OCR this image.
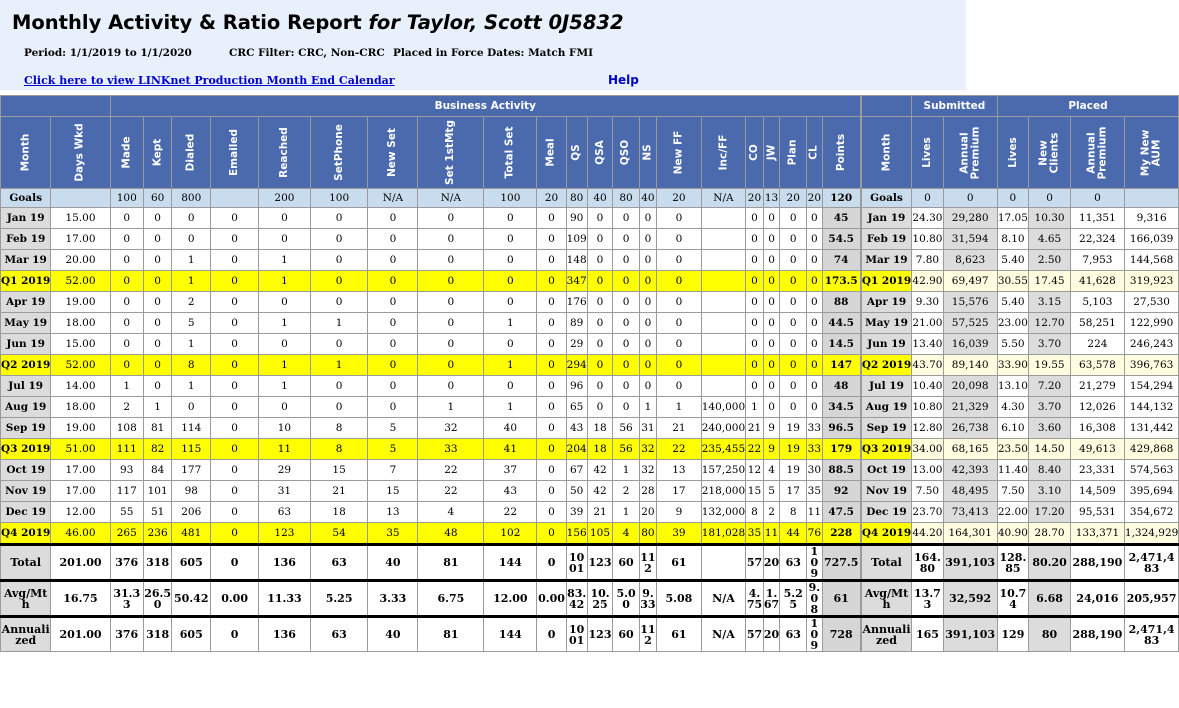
Monthly Activity & Ratio Report for Taylor, Scott 0J5832
Period: 1/1/2019 to 1/1/2020	CRC Filter: CRC, Non-CRC Placed in Force Dates: Match FMI
Click here to view LINKnet Production Month End Calendar	Help
		Business Activity																						Submitted		Placed			

Month	Days Wkd	Made	Kept	Dialed	Emailed	Reached	SetPhone	New Set	Set 1stMtg	Total Set	Meal	QS	QSA	QSO	NS	New FF	Inc/FF	CO	JW	Plan	CL	Points		Month	Lives	Annual Premium	Lives	New Clients	Annual Premium	My New AUM

Goals		100	60	800		200	100	N/A	N/A	100	20	80	40	80	40	20	N/A	20	13	20	20	120		Goals	0	0	0	0	0	
Jan 19	15.00	0	0	0	0	0	0	0	0	0	0	90	0	0	0	0		0	0	0	0	45		Jan 19	24.30	29,280	17.05	10.30	11,351	9,316
Feb 19	17.00	0	0	0	0	0	0	0	0	0	0	109	0	0	0	0		0	0	0	0	54.5		Feb 19	10.80	31,594	8.10	4.65	22,324	166,039
Mar 19	20.00	0	0	1	0	1	0	0	0	0	0	148	0	0	0	0		0	0	0	0	74		Mar 19	7.80	8,623	5.40	2.50	7,953	144,568
Q1 2019	52.00	0	0	1	0	1	0	0	0	0	0	347	0	0	0	0		0	0	0	0	173.5		Q1 2019	42.90	69,497	30.55	17.45	41,628	319,923
Apr 19	19.00	0	0	2	0	0	0	0	0	0	0	176	0	0	0	0		0	0	0	0	88		Apr 19	9.30	15,576	5.40	3.15	5,103	27,530
May 19	18.00	0	0	5	0	1	1	0	0	1	0	89	0	0	0	0		0	0	0	0	44.5		May 19	21.00	57,525	23.00	12.70	58,251	122,990
Jun 19	15.00	0	0	1	0	0	0	0	0	0	0	29	0	0	0	0		0	0	0	0	14.5		Jun 19	13.40	16,039	5.50	3.70	224	246,243
Q2 2019	52.00	0	0	8	0	1	1	0	0	1	0	294	0	0	0	0		0	0	0	0	147		Q2 2019	43.70	89,140	33.90	19.55	63,578	396,763
Jul 19	14.00	1	0	1	0	1	0	0	0	0	0	96	0	0	0	0		0	0	0	0	48		Jul 19	10.40	20,098	13.10	7.20	21,279	154,294
Aug 19	18.00	2	1	0	0	0	0	0	1	1	0	65	0	0	1	1	140,000	1	0	0	0	34.5		Aug 19	10.80	21,329	4.30	3.70	12,026	144,132
Sep 19	19.00	108	81	114	0	10	8	5	32	40	0	43	18	56	31	21	240,000	21	9	19	33	96.5		Sep 19	12.80	26,738	6.10	3.60	16,308	131,442
Q3 2019	51.00	111	82	115	0	11	8	5	33	41	0	204	18	56	32	22	235,455	22	9	19	33	179		Q3 2019	34.00	68,165	23.50	14.50	49,613	429,868
Oct 19	17.00	93	84	177	0	29	15	7	22	37	0	67	42	1	32	13	157,250	12	4	19	30	88.5		Oct 19	13.00	42,393	11.40	8.40	23,331	574,563
Nov 19	17.00	117	101	98	0	31	21	15	22	43	0	50	42	2	28	17	218,000	15	5	17	35	92		Nov 19	7.50	48,495	7.50	3.10	14,509	395,694
Dec 19	12.00	55	51	206	0	63	18	13	4	22	0	39	21	1	20	9	132,000	8	2	8	11	47.5		Dec 19	23.70	73,413	22.00	17.20	95,531	354,672
Q4 2019	46.00	265	236	481	0	123	54	35	48	102	0	156	105	4	80	39	181,028	35	11	44	76	228		Q4 2019	44.20	164,301	40.90	28.70	133,371	1,324,929
Total	201.00	376	318	605	0	136	63	40	81	144	0	1001	123	60	112	61		57	20	63	109	727.5		Total	164.80	391,103	128.85	80.20	288,190	2,471,483
Avg/Mth	16.75	31.33	26.50	50.42	0.00	11.33	5.25	3.33	6.75	12.00	0.00	83.42	10.25	5.00	9.33	5.08	N/A	4.75	1.67	5.25	9.08	61		Avg/Mth	13.73	32,592	10.74	6.68	24,016	205,957
Annualized	201.00	376	318	605	0	136	63	40	81	144	0	1001	123	60	112	61	N/A	57	20	63	109	728		Annualized	165	391,103	129	80	288,190	2,471,483
